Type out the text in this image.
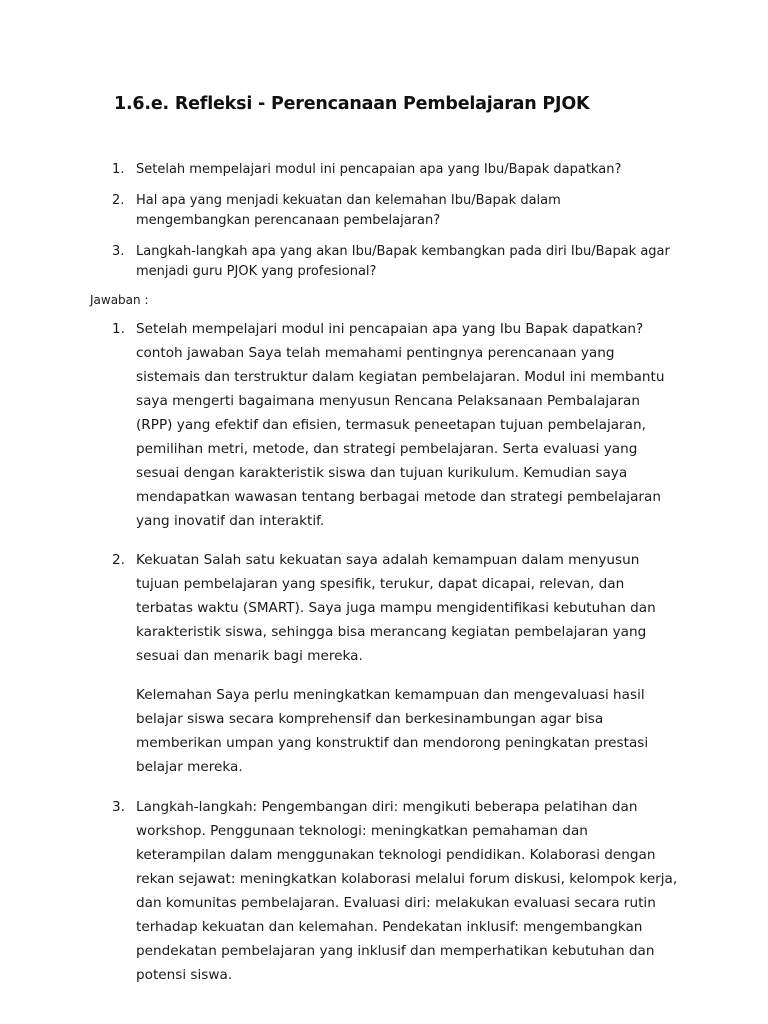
1.6.e. Refleksi - Perencanaan Pembelajaran PJOK
1. Setelah mempelajari modul ini pencapaian apa yang Ibu/Bapak dapatkan?
2. Hal apa yang menjadi kekuatan dan kelemahan Ibu/Bapak dalam mengembangkan perencanaan pembelajaran?
3. Langkah-langkah apa yang akan Ibu/Bapak kembangkan pada diri Ibu/Bapak agar menjadi guru PJOK yang profesional?
Jawaban :
1. Setelah mempelajari modul ini pencapaian apa yang Ibu Bapak dapatkan? contoh jawaban Saya telah memahami pentingnya perencanaan yang sistemais dan terstruktur dalam kegiatan pembelajaran. Modul ini membantu saya mengerti bagaimana menyusun Rencana Pelaksanaan Pembalajaran (RPP) yang efektif dan efisien, termasuk peneetapan tujuan pembelajaran, pemilihan metri, metode, dan strategi pembelajaran. Serta evaluasi yang sesuai dengan karakteristik siswa dan tujuan kurikulum. Kemudian saya mendapatkan wawasan tentang berbagai metode dan strategi pembelajaran yang inovatif dan interaktif.

2. Kekuatan Salah satu kekuatan saya adalah kemampuan dalam menyusun tujuan pembelajaran yang spesifik, terukur, dapat dicapai, relevan, dan terbatas waktu (SMART). Saya juga mampu mengidentifikasi kebutuhan dan karakteristik siswa, sehingga bisa merancang kegiatan pembelajaran yang sesuai dan menarik bagi mereka.

Kelemahan Saya perlu meningkatkan kemampuan dan mengevaluasi hasil belajar siswa secara komprehensif dan berkesinambungan agar bisa memberikan umpan yang konstruktif dan mendorong peningkatan prestasi belajar mereka.

3. Langkah-langkah: Pengembangan diri: mengikuti beberapa pelatihan dan workshop. Penggunaan teknologi: meningkatkan pemahaman dan keterampilan dalam menggunakan teknologi pendidikan. Kolaborasi dengan rekan sejawat: meningkatkan kolaborasi melalui forum diskusi, kelompok kerja, dan komunitas pembelajaran. Evaluasi diri: melakukan evaluasi secara rutin terhadap kekuatan dan kelemahan. Pendekatan inklusif: mengembangkan pendekatan pembelajaran yang inklusif dan memperhatikan kebutuhan dan potensi siswa.
